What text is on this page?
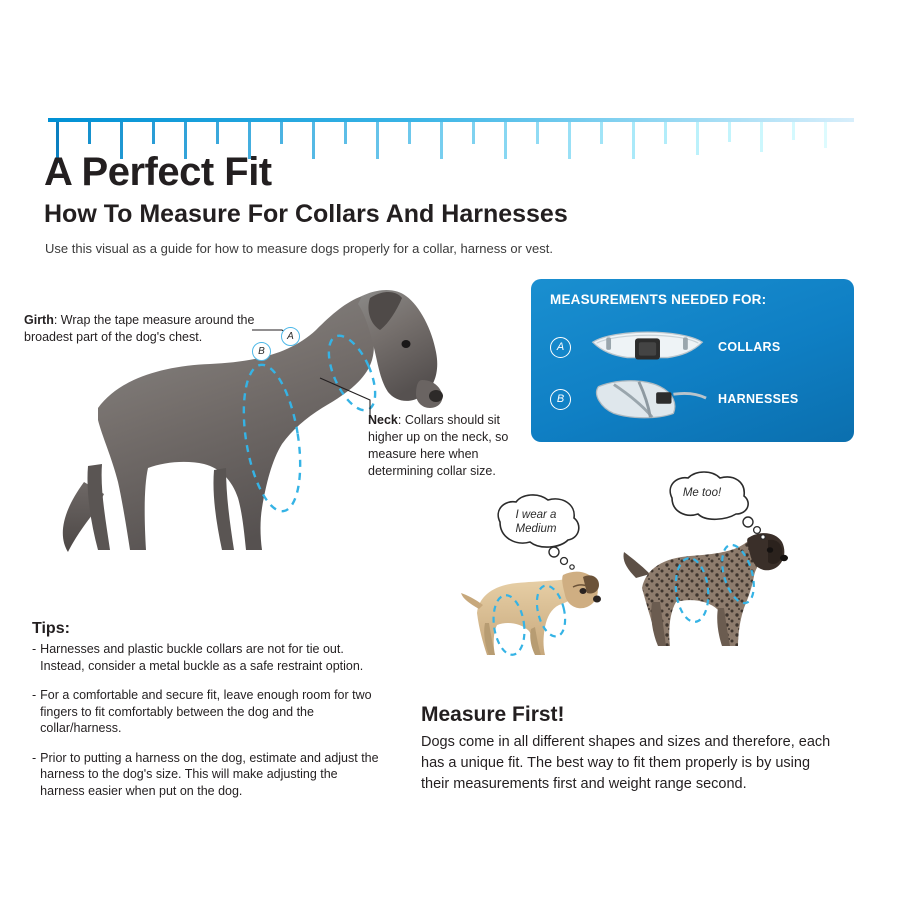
A Perfect Fit
How To Measure For Collars And Harnesses
Use this visual as a guide for how to measure dogs properly for a collar, harness or vest.
Girth: Wrap the tape measure around the broadest part of the dog's chest.
Neck: Collars should sit higher up on the neck, so measure here when determining collar size.
A
B
MEASUREMENTS NEEDED FOR:
A	COLLARS
B	HARNESSES
I wear a Medium
Me too!
Tips:
- Harnesses and plastic buckle collars are not for tie out. Instead, consider a metal buckle as a safe restraint option.
- For a comfortable and secure fit, leave enough room for two fingers to fit comfortably between the dog and the collar/harness.
- Prior to putting a harness on the dog, estimate and adjust the harness to the dog's size. This will make adjusting the harness easier when put on the dog.
Measure First!
Dogs come in all different shapes and sizes and therefore, each has a unique fit. The best way to fit them properly is by using their measurements first and weight range second.
